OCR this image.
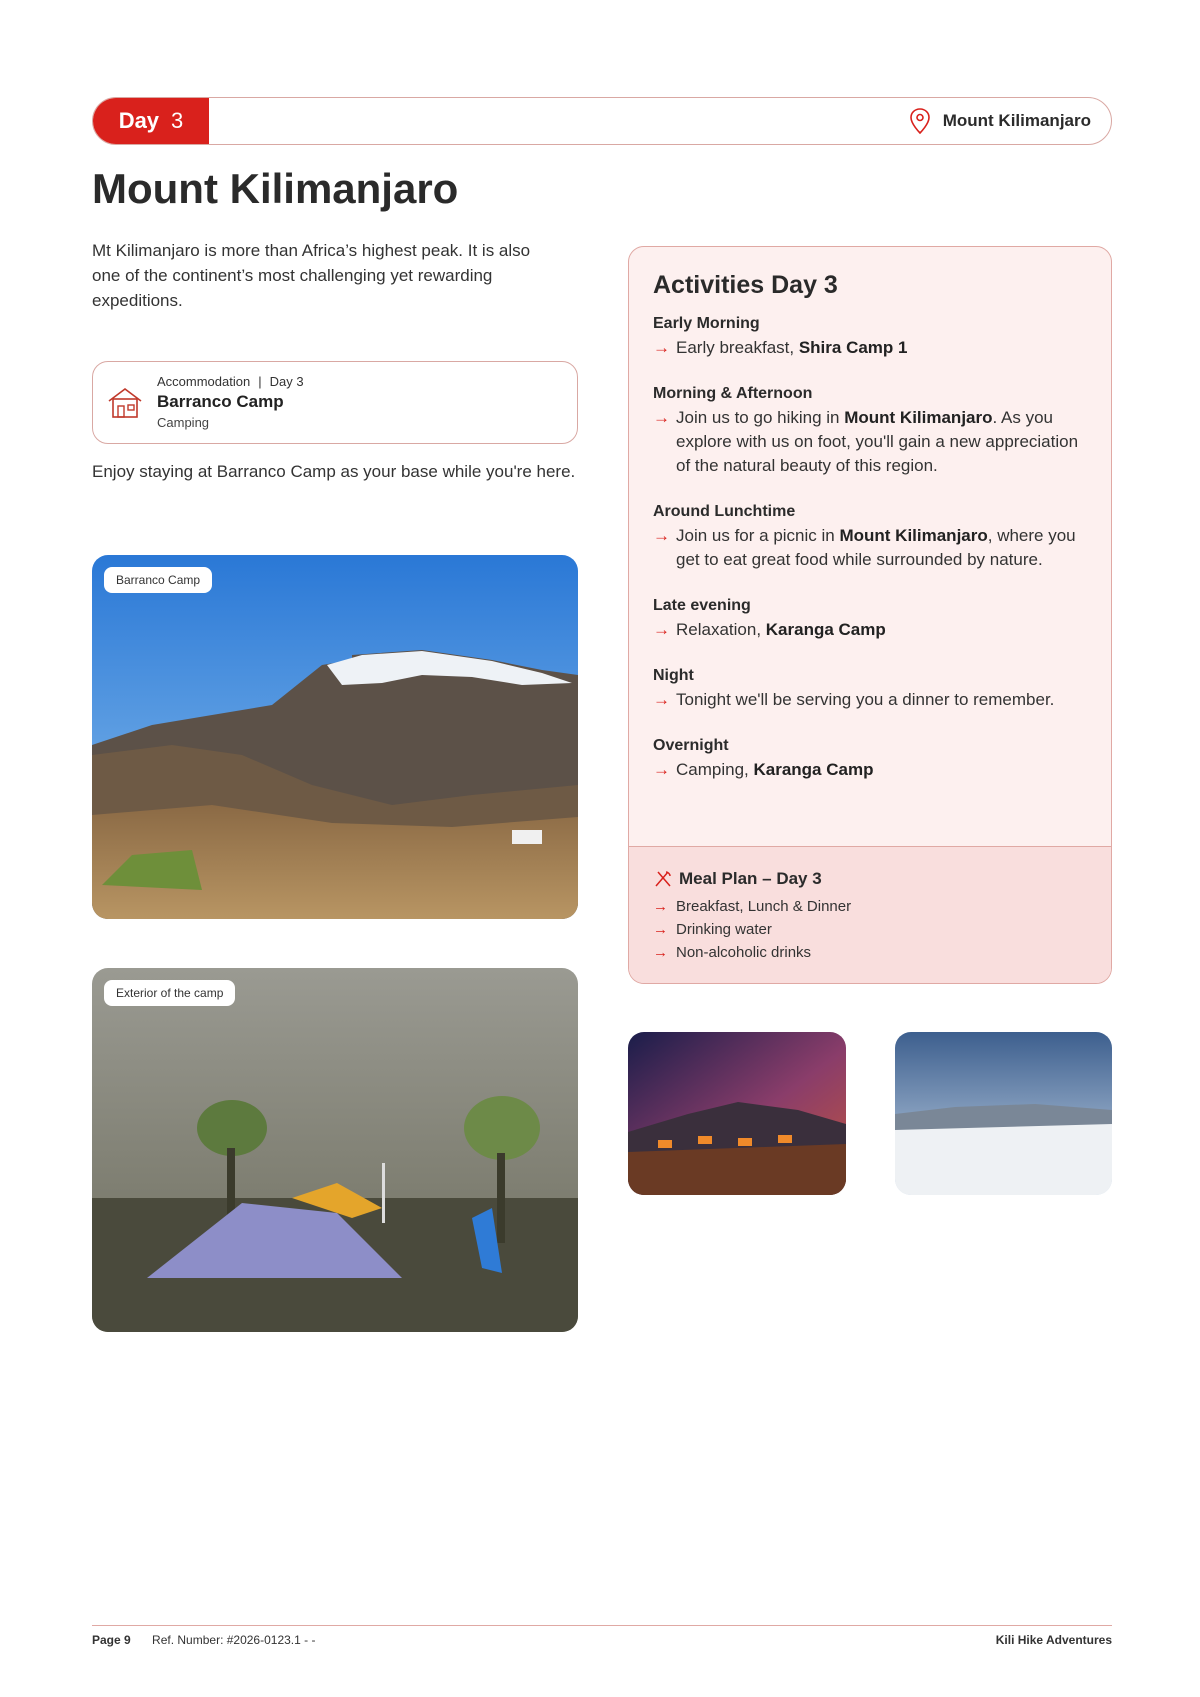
Day 3	Mount Kilimanjaro
Mount Kilimanjaro

Mt Kilimanjaro is more than Africa’s highest peak. It is also one of the continent’s most challenging yet rewarding expeditions.

Accommodation | Day 3
Barranco Camp
Camping

Enjoy staying at Barranco Camp as your base while you're here.

Barranco Camp
Exterior of the camp
Activities Day 3
Early Morning
→ Early breakfast, Shira Camp 1
Morning & Afternoon
→ Join us to go hiking in Mount Kilimanjaro. As you explore with us on foot, you'll gain a new appreciation of the natural beauty of this region.
Around Lunchtime
→ Join us for a picnic in Mount Kilimanjaro, where you get to eat great food while surrounded by nature.
Late evening
→ Relaxation, Karanga Camp
Night
→ Tonight we'll be serving you a dinner to remember.
Overnight
→ Camping, Karanga Camp
Meal Plan – Day 3
→ Breakfast, Lunch & Dinner
→ Drinking water
→ Non-alcoholic drinks
Page 9 Ref. Number: #2026-0123.1 - -	Kili Hike Adventures
